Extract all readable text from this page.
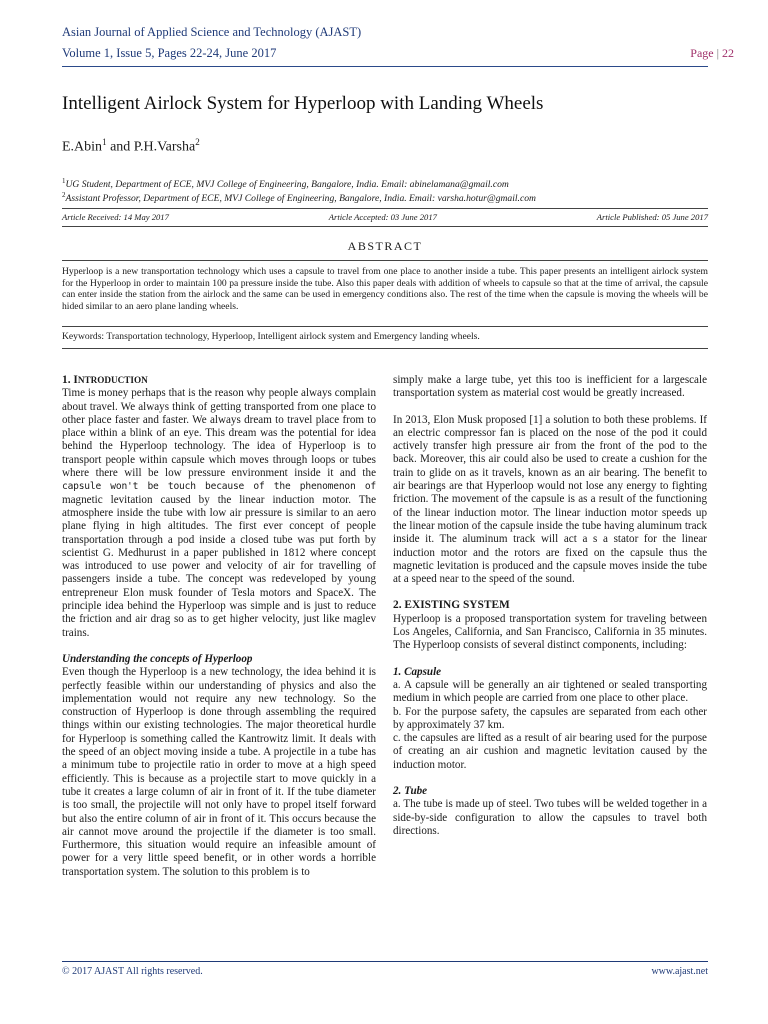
Asian Journal of Applied Science and Technology (AJAST)
Volume 1, Issue 5, Pages 22-24, June 2017	Page | 22
Intelligent Airlock System for Hyperloop with Landing Wheels
E.Abin$^1$ and P.H.Varsha$^2$
$^1$UG Student, Department of ECE, MVJ College of Engineering, Bangalore, India. Email: abinelamana@gmail.com
$^2$Assistant Professor, Department of ECE, MVJ College of Engineering, Bangalore, India. Email: varsha.hotur@gmail.com
Article Received: 14 May 2017	Article Accepted: 03 June 2017	Article Published: 05 June 2017
ABSTRACT
Hyperloop is a new transportation technology which uses a capsule to travel from one place to another inside a tube. This paper presents an intelligent airlock system for the Hyperloop in order to maintain 100 pa pressure inside the tube. Also this paper deals with addition of wheels to capsule so that at the time of arrival, the capsule can enter inside the station from the airlock and the same can be used in emergency conditions also. The rest of the time when the capsule is moving the wheels will be hided similar to an aero plane landing wheels.
Keywords: Transportation technology, Hyperloop, Intelligent airlock system and Emergency landing wheels.

1. INTRODUCTION

Time is money perhaps that is the reason why people always complain about travel. We always think of getting transported from one place to other place faster and faster. We always dream to travel place from to place within a blink of an eye. This dream was the potential for idea behind the Hyperloop technology. The idea of Hyperloop is to transport people within capsule which moves through loops or tubes where there will be low pressure environment inside it and the capsule won't be touch because of the phenomenon of magnetic levitation caused by the linear induction motor. The atmosphere inside the tube with low air pressure is similar to an aero plane flying in high altitudes. The first ever concept of people transportation through a pod inside a closed tube was put forth by scientist G. Medhurust in a paper published in 1812 where concept was introduced to use power and velocity of air for travelling of passengers inside a tube. The concept was redeveloped by young entrepreneur Elon musk founder of Tesla motors and SpaceX. The principle idea behind the Hyperloop was simple and is just to reduce the friction and air drag so as to get higher velocity, just like maglev trains.

Understanding the concepts of Hyperloop

Even though the Hyperloop is a new technology, the idea behind it is perfectly feasible within our understanding of physics and also the implementation would not require any new technology. So the construction of Hyperloop is done through assembling the required things within our existing technologies. The major theoretical hurdle for Hyperloop is something called the Kantrowitz limit. It deals with the speed of an object moving inside a tube. A projectile in a tube has a minimum tube to projectile ratio in order to move at a high speed efficiently. This is because as a projectile start to move quickly in a tube it creates a large column of air in front of it. If the tube diameter is too small, the projectile will not only have to propel itself forward but also the entire column of air in front of it. This occurs because the air cannot move around the projectile if the diameter is too small. Furthermore, this situation would require an infeasible amount of power for a very little speed benefit, or in other words a horrible transportation system. The solution to this problem is to

simply make a large tube, yet this too is inefficient for a largescale transportation system as material cost would be greatly increased.

In 2013, Elon Musk proposed [1] a solution to both these problems. If an electric compressor fan is placed on the nose of the pod it could actively transfer high pressure air from the front of the pod to the back. Moreover, this air could also be used to create a cushion for the train to glide on as it travels, known as an air bearing. The benefit to air bearings are that Hyperloop would not lose any energy to fighting friction. The movement of the capsule is as a result of the functioning of the linear induction motor. The linear induction motor speeds up the linear motion of the capsule inside the tube having aluminum track inside it. The aluminum track will act a s a stator for the linear induction motor and the rotors are fixed on the capsule thus the magnetic levitation is produced and the capsule moves inside the tube at a speed near to the speed of the sound.

2. EXISTING SYSTEM

Hyperloop is a proposed transportation system for traveling between Los Angeles, California, and San Francisco, California in 35 minutes. The Hyperloop consists of several distinct components, including:

1. Capsule

a. A capsule will be generally an air tightened or sealed transporting medium in which people are carried from one place to other place.

b. For the purpose safety, the capsules are separated from each other by approximately 37 km.

c. the capsules are lifted as a result of air bearing used for the purpose of creating an air cushion and magnetic levitation caused by the induction motor.

2. Tube

a. The tube is made up of steel. Two tubes will be welded together in a side-by-side configuration to allow the capsules to travel both directions.

© 2017 AJAST All rights reserved.	www.ajast.net
